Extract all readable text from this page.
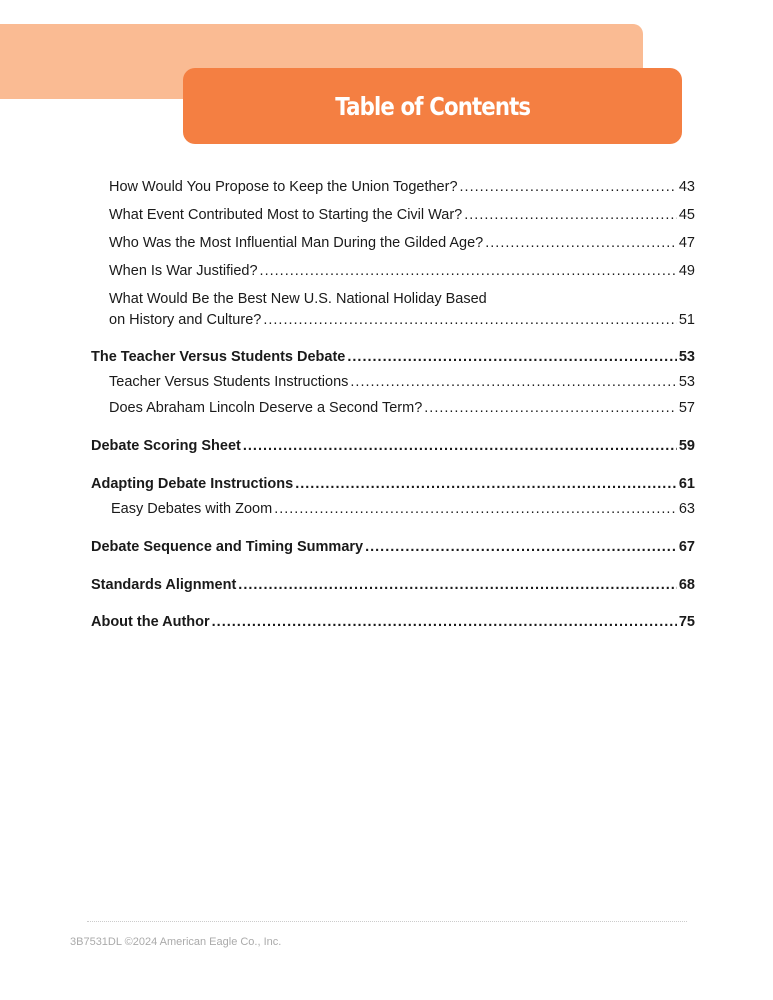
Table of Contents
How Would You Propose to Keep the Union Together? .....	43
What Event Contributed Most to Starting the Civil War? .....	45
Who Was the Most Influential Man During the Gilded Age? .....	47
When Is War Justified? .....	49
What Would Be the Best New U.S. National Holiday Based
on History and Culture? .....	51
The Teacher Versus Students Debate .....	53
Teacher Versus Students Instructions .....	53
Does Abraham Lincoln Deserve a Second Term? .....	57
Debate Scoring Sheet .....	59
Adapting Debate Instructions .....	61
Easy Debates with Zoom .....	63
Debate Sequence and Timing Summary .....	67
Standards Alignment .....	68
About the Author .....	75
3B7531DL ©2024 American Eagle Co., Inc.
